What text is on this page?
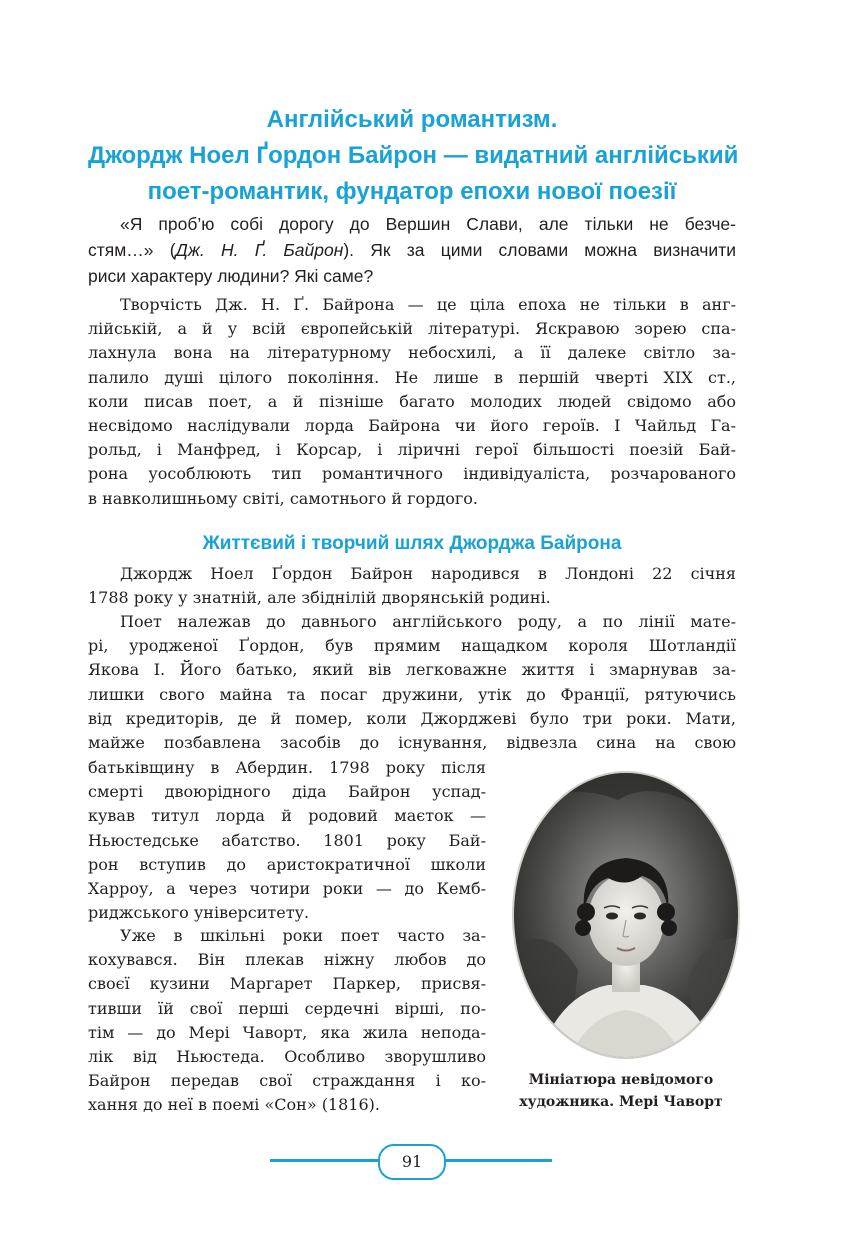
Англійський романтизм.
Джордж Ноел Ґордон Байрон — видатний англійський
поет-романтик, фундатор епохи нової поезії
«Я проб’ю собі дорогу до Вершин Слави, але тільки не безче-
стям…» (Дж. Н. Ґ. Байрон). Як за цими словами можна визначити
риси характеру людини? Які саме?
Творчість Дж. Н. Ґ. Байрона — це ціла епоха не тільки в анг-
лійській, а й у всій європейській літературі. Яскравою зорею спа-
лахнула вона на літературному небосхилі, а її далеке світло за-
палило душі цілого покоління. Не лише в першій чверті XIX ст.,
коли писав поет, а й пізніше багато молодих людей свідомо або
несвідомо наслідували лорда Байрона чи його героїв. І Чайльд Га-
рольд, і Манфред, і Корсар, і ліричні герої більшості поезій Бай-
рона уособлюють тип романтичного індивідуаліста, розчарованого
в навколишньому світі, самотнього й гордого.
Життєвий і творчий шлях Джорджа Байрона
Джордж Ноел Ґордон Байрон народився в Лондоні 22 січня
1788 року у знатній, але збіднілій дворянській родині.
Поет належав до давнього англійського роду, а по лінії мате-
рі, уродженої Ґордон, був прямим нащадком короля Шотландії
Якова І. Його батько, який вів легковажне життя і змарнував за-
лишки свого майна та посаг дружини, утік до Франції, рятуючись
від кредиторів, де й помер, коли Джорджеві було три роки. Мати,
майже позбавлена засобів до існування, відвезла сина на свою
батьківщину в Абердин. 1798 року після
смерті двоюрідного діда Байрон успад-
кував титул лорда й родовий маєток —
Ньюстедське абатство. 1801 року Бай-
рон вступив до аристократичної школи
Харроу, а через чотири роки — до Кемб-
риджського університету.
Уже в шкільні роки поет часто за-
кохувався. Він плекав ніжну любов до
своєї кузини Маргарет Паркер, присвя-
тивши їй свої перші сердечні вірші, по-
тім — до Мері Чаворт, яка жила непода-
лік від Ньюстеда. Особливо зворушливо
Байрон передав свої страждання і ко-
хання до неї в поемі «Сон» (1816).
Мініатюра невідомого
художника. Мері Чаворт
91
